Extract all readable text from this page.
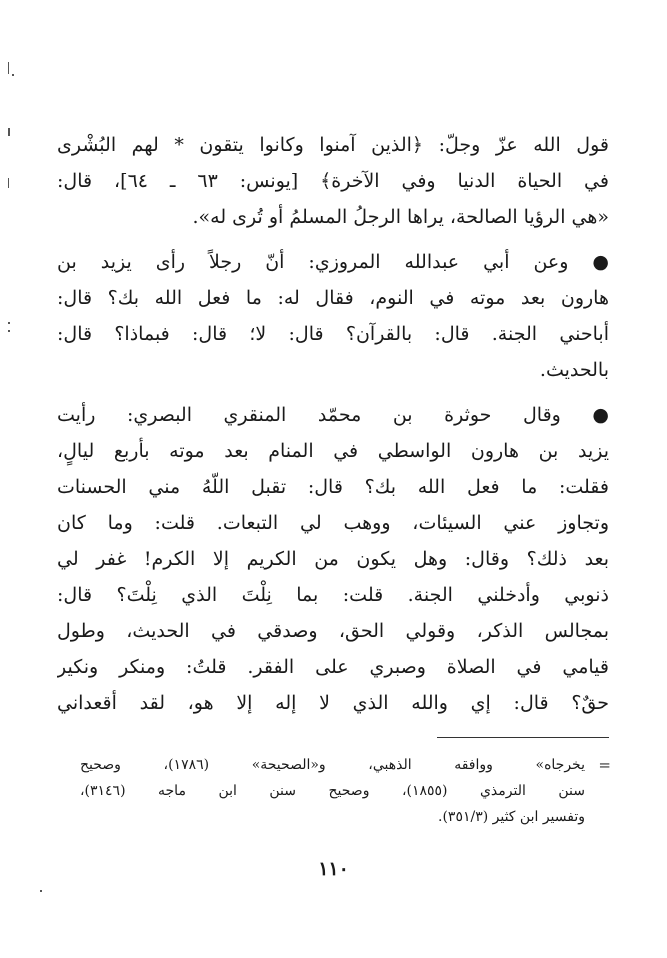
قول الله عزّ وجلّ: ﴿الذين آمنوا وكانوا يتقون * لهم البُشْرى
في الحياة الدنيا وفي الآخرة﴾ [يونس: ٦٣ ـ ٦٤]، قال:
«هي الرؤيا الصالحة، يراها الرجلُ المسلمُ أو تُرى له».
● وعن أبي عبدالله المروزي: أنّ رجلاً رأى يزيد بن
هارون بعد موته في النوم، فقال له: ما فعل الله بك؟ قال:
أباحني الجنة. قال: بالقرآن؟ قال: لا؛ قال: فبماذا؟ قال:
بالحديث.
● وقال حوثرة بن محمّد المنقري البصري: رأيت
يزيد بن هارون الواسطي في المنام بعد موته بأربع ليالٍ،
فقلت: ما فعل الله بك؟ قال: تقبل اللّهُ مني الحسنات
وتجاوز عني السيئات، ووهب لي التبعات. قلت: وما كان
بعد ذلك؟ وقال: وهل يكون من الكريم إلا الكرم! غفر لي
ذنوبي وأدخلني الجنة. قلت: بما نِلْتَ الذي نِلْتَ؟ قال:
بمجالس الذكر، وقولي الحق، وصدقي في الحديث، وطول
قيامي في الصلاة وصبري على الفقر. قلتُ: ومنكر ونكير
حقٌ؟ قال: إي والله الذي لا إله إلا هو، لقد أقعداني
=
يخرجاه» ووافقه الذهبي، و«الصحيحة» (١٧٨٦)، وصحيح
سنن الترمذي (١٨٥٥)، وصحيح سنن ابن ماجه (٣١٤٦)،
وتفسير ابن كثير (٣٥١/٣).
١١٠
